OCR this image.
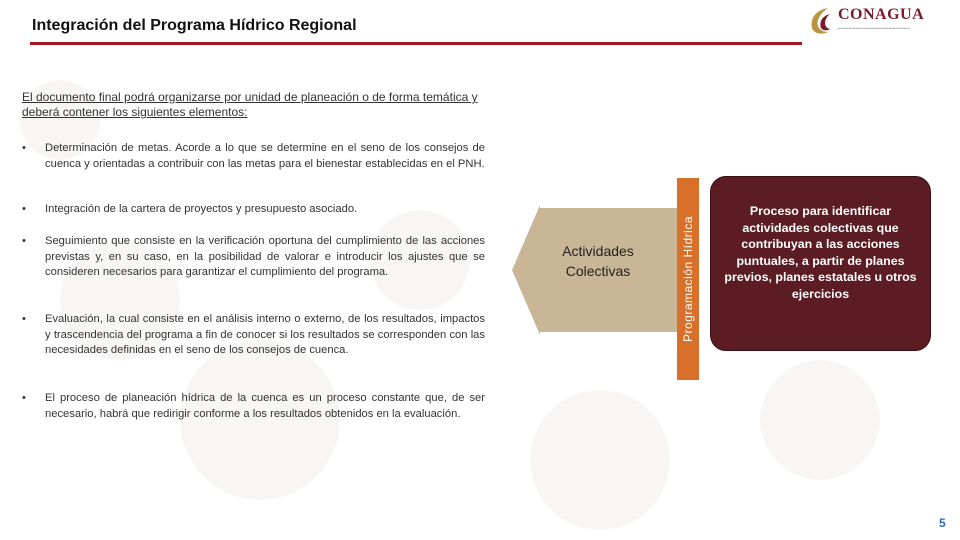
Integración del Programa Hídrico Regional
CONAGUA
━━━━━━━━━━━━━━━━━━━━
El documento final podrá organizarse por unidad de planeación o de forma temática y deberá contener los siguientes elementos:
•	Determinación de metas. Acorde a lo que se determine en el seno de los consejos de cuenca y orientadas a contribuir con las metas para el bienestar establecidas en el PNH.
•	Integración de la cartera de proyectos y presupuesto asociado.
•	Seguimiento que consiste en la verificación oportuna del cumplimiento de las acciones previstas y, en su caso, en la posibilidad de valorar e introducir los ajustes que se consideren necesarios para garantizar el cumplimiento del programa.
•	Evaluación, la cual consiste en el análisis interno o externo, de los resultados, impactos y trascendencia del programa a fin de conocer si los resultados se corresponden con las necesidades definidas en el seno de los consejos de cuenca.
•	El proceso de planeación hídrica de la cuenca es un proceso constante que, de ser necesario, habrá que redirigir conforme a los resultados obtenidos en la evaluación.
Actividades Colectivas	Programación Hídrica
Proceso para identificar actividades colectivas que contribuyan a las acciones puntuales, a partir de planes previos, planes estatales u otros ejercicios
5
